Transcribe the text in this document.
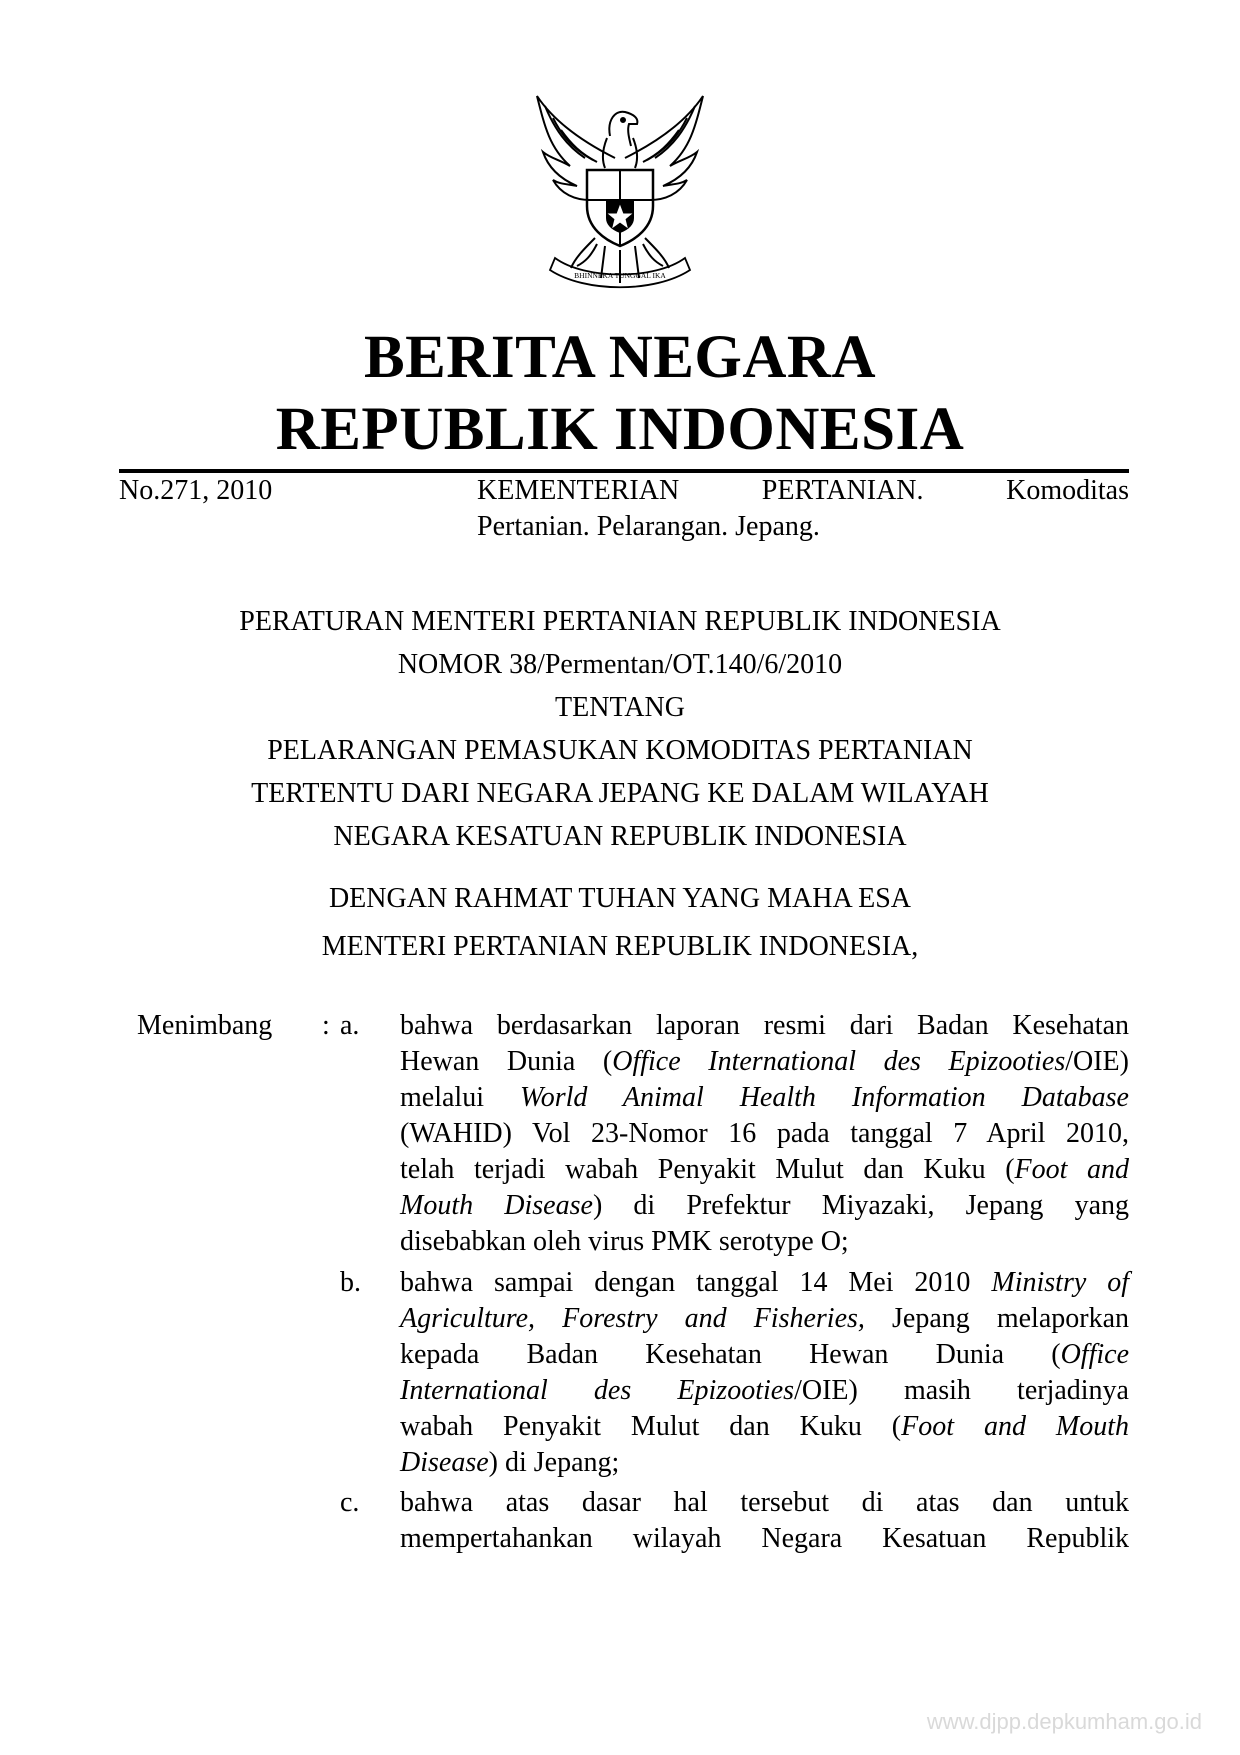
BHINNEKA TUNGGAL IKA
BERITA NEGARA
REPUBLIK INDONESIA
No.271, 2010	KEMENTERIAN	PERTANIAN.	Komoditas
Pertanian. Pelarangan. Jepang.
PERATURAN MENTERI PERTANIAN REPUBLIK INDONESIA
NOMOR 38/Permentan/OT.140/6/2010
TENTANG
PELARANGAN PEMASUKAN KOMODITAS PERTANIAN
TERTENTU DARI NEGARA JEPANG KE DALAM WILAYAH
NEGARA KESATUAN REPUBLIK INDONESIA
DENGAN RAHMAT TUHAN YANG MAHA ESA
MENTERI PERTANIAN REPUBLIK INDONESIA,
Menimbang : a. bahwa berdasarkan laporan resmi dari Badan Kesehatan
Hewan Dunia (Office International des Epizooties/OIE)
melalui World Animal Health Information Database
(WAHID) Vol 23-Nomor 16 pada tanggal 7 April 2010,
telah terjadi wabah Penyakit Mulut dan Kuku (Foot and
Mouth Disease) di Prefektur Miyazaki, Jepang yang
disebabkan oleh virus PMK serotype O;
b. bahwa sampai dengan tanggal 14 Mei 2010 Ministry of
Agriculture, Forestry and Fisheries, Jepang melaporkan
kepada Badan Kesehatan Hewan Dunia (Office
International des Epizooties/OIE) masih terjadinya
wabah Penyakit Mulut dan Kuku (Foot and Mouth
Disease) di Jepang;
c. bahwa atas dasar hal tersebut di atas dan untuk
mempertahankan wilayah Negara Kesatuan Republik
www.djpp.depkumham.go.id
